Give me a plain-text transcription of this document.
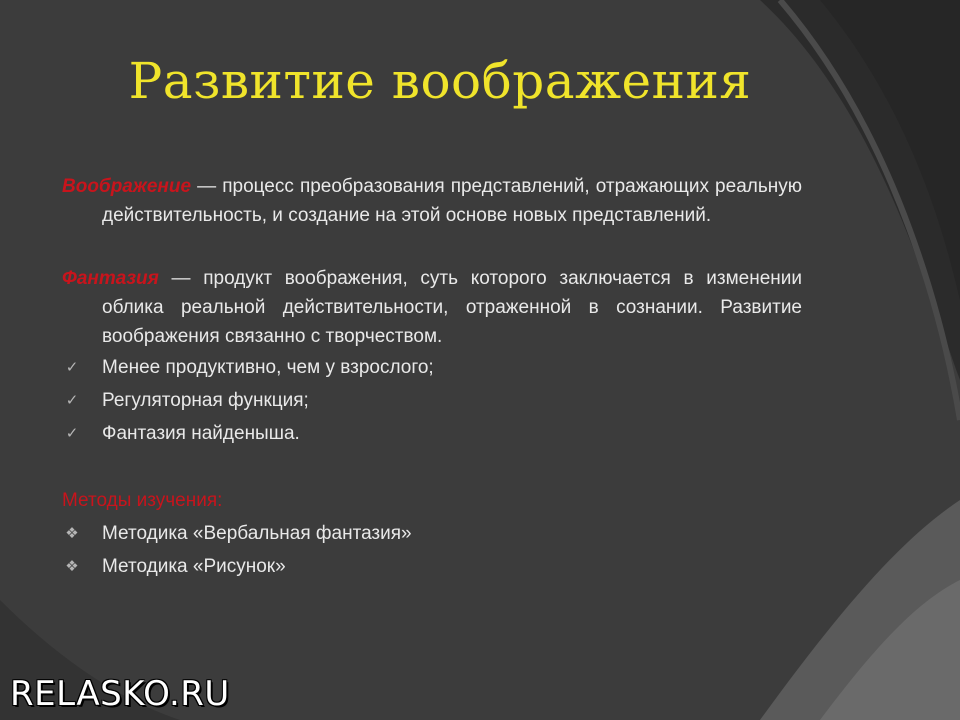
Развитие воображения

Воображение — процесс преобразования представлений, отражающих реальную действительность, и создание на этой основе новых представлений.

Фантазия — продукт воображения, суть которого заключается в изменении облика реальной действительности, отраженной в сознании. Развитие воображения связанно с творчеством.

✓ Менее продуктивно, чем у взрослого;
✓ Регуляторная функция;
✓ Фантазия найденыша.

Методы изучения:

❖ Методика «Вербальная фантазия»
❖ Методика «Рисунок»
RELASKO.RU
